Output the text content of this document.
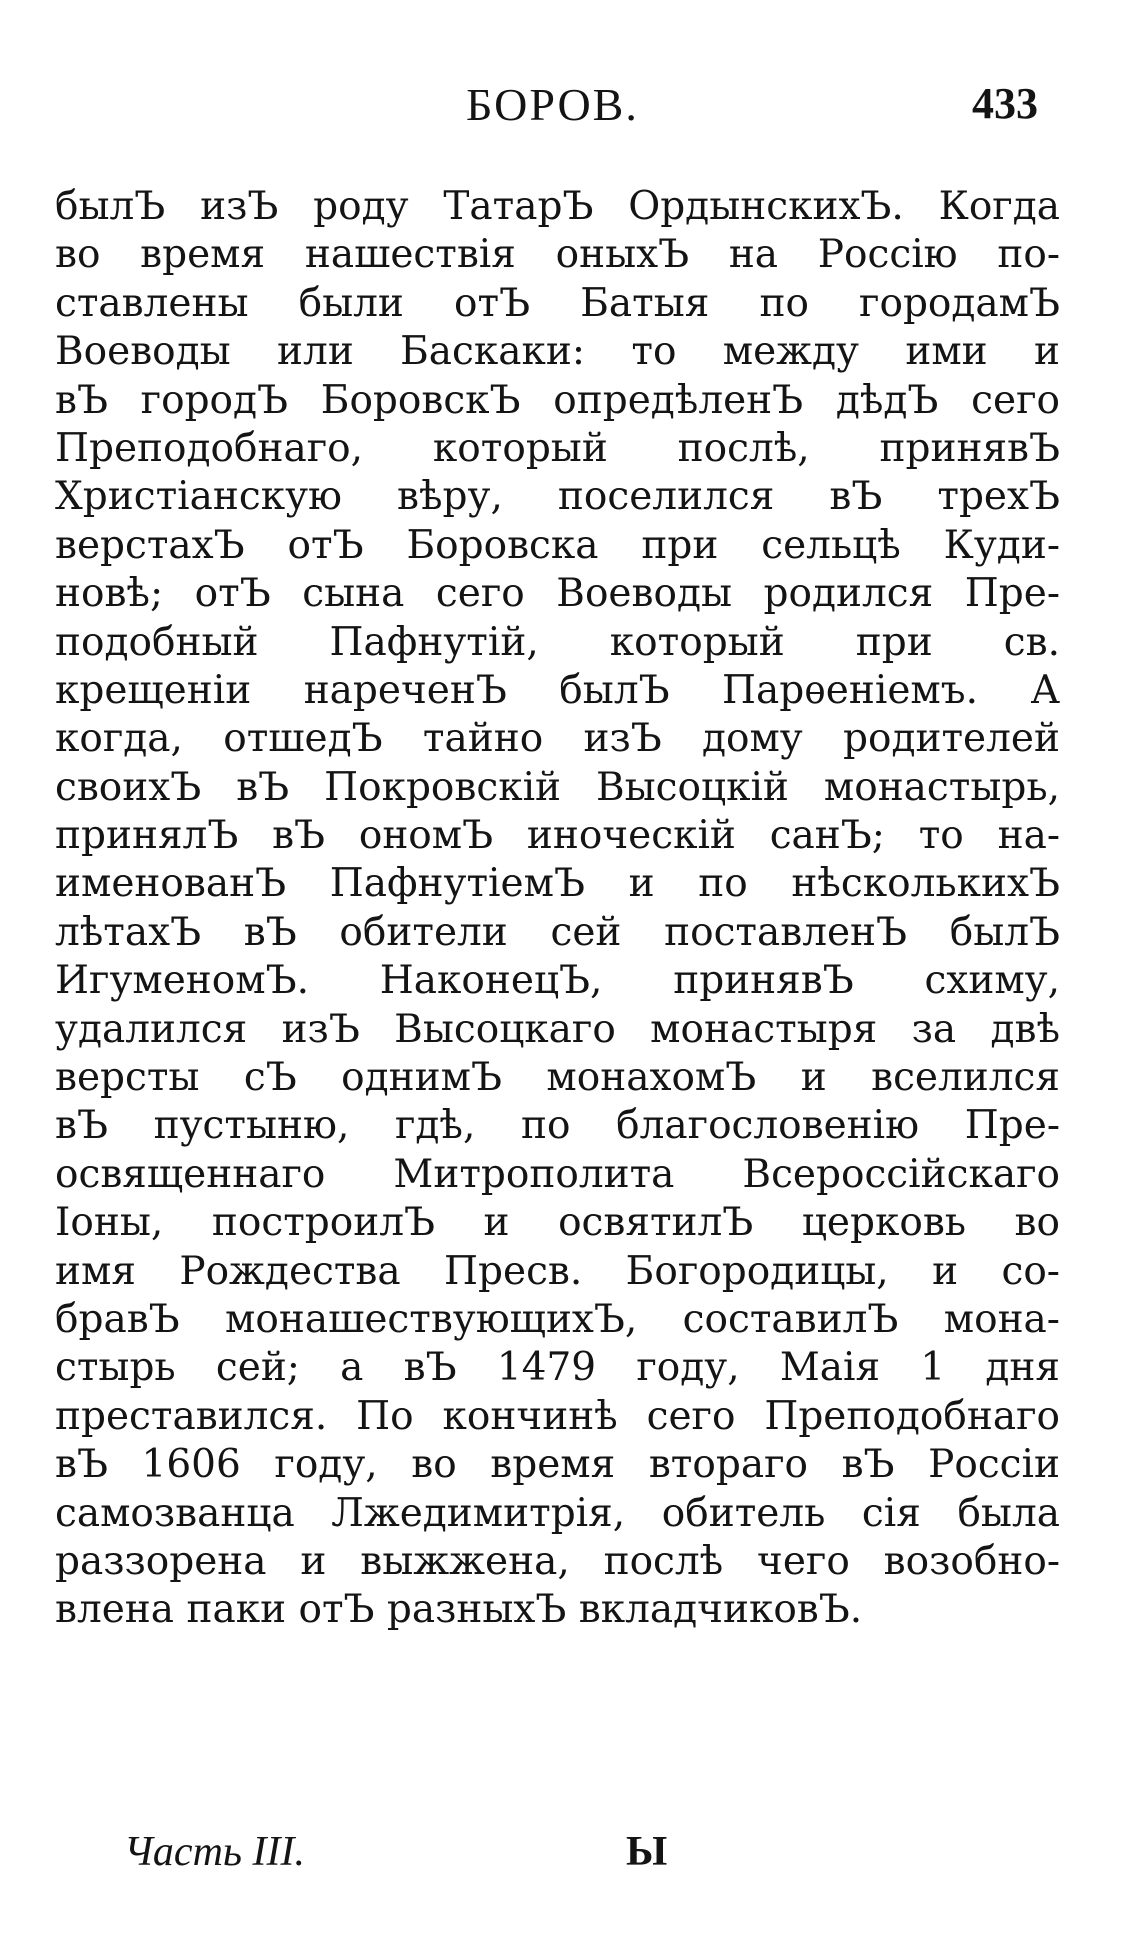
БОРОВ.	433
былЪ изЪ роду ТатарЪ ОрдынскихЪ. Когда
во время нашествія оныхЪ на Россію по-
ставлены были отЪ Батыя по городамЪ
Воеводы или Баскаки: то между ими и
вЪ городЪ БоровскЪ опредѣленЪ дѣдЪ сего
Преподобнаго, который послѣ, принявЪ
Христіанскую вѣру, поселился вЪ трехЪ
верстахЪ отЪ Боровска при сельцѣ Куди-
новѣ; отЪ сына сего Воеводы родился Пре-
подобный Пафнутій, который при св.
крещеніи нареченЪ былЪ Парѳеніемъ. А
когда, отшедЪ тайно изЪ дому родителей
своихЪ вЪ Покровскій Высоцкій монастырь,
принялЪ вЪ ономЪ иноческій санЪ; то на-
именованЪ ПафнутіемЪ и по нѣсколькихЪ
лѣтахЪ вЪ обители сей поставленЪ былЪ
ИгуменомЪ. НаконецЪ, принявЪ схиму,
удалился изЪ Высоцкаго монастыря за двѣ
версты сЪ однимЪ монахомЪ и вселился
вЪ пустыню, гдѣ, по благословенію Пре-
освященнаго Митрополита Всероссійскаго
Іоны, построилЪ и освятилЪ церковь во
имя Рождества Пресв. Богородицы, и со-
бравЪ монашествующихЪ, составилЪ мона-
стырь сей; а вЪ 1479 году, Маія 1 дня
преставился. По кончинѣ сего Преподобнаго
вЪ 1606 году, во время втораго вЪ Россіи
самозванца Лжедимитрія, обитель сія была
раззорена и выжжена, послѣ чего возобно-
влена паки отЪ разныхЪ вкладчиковЪ.
Часть III.	Ы
